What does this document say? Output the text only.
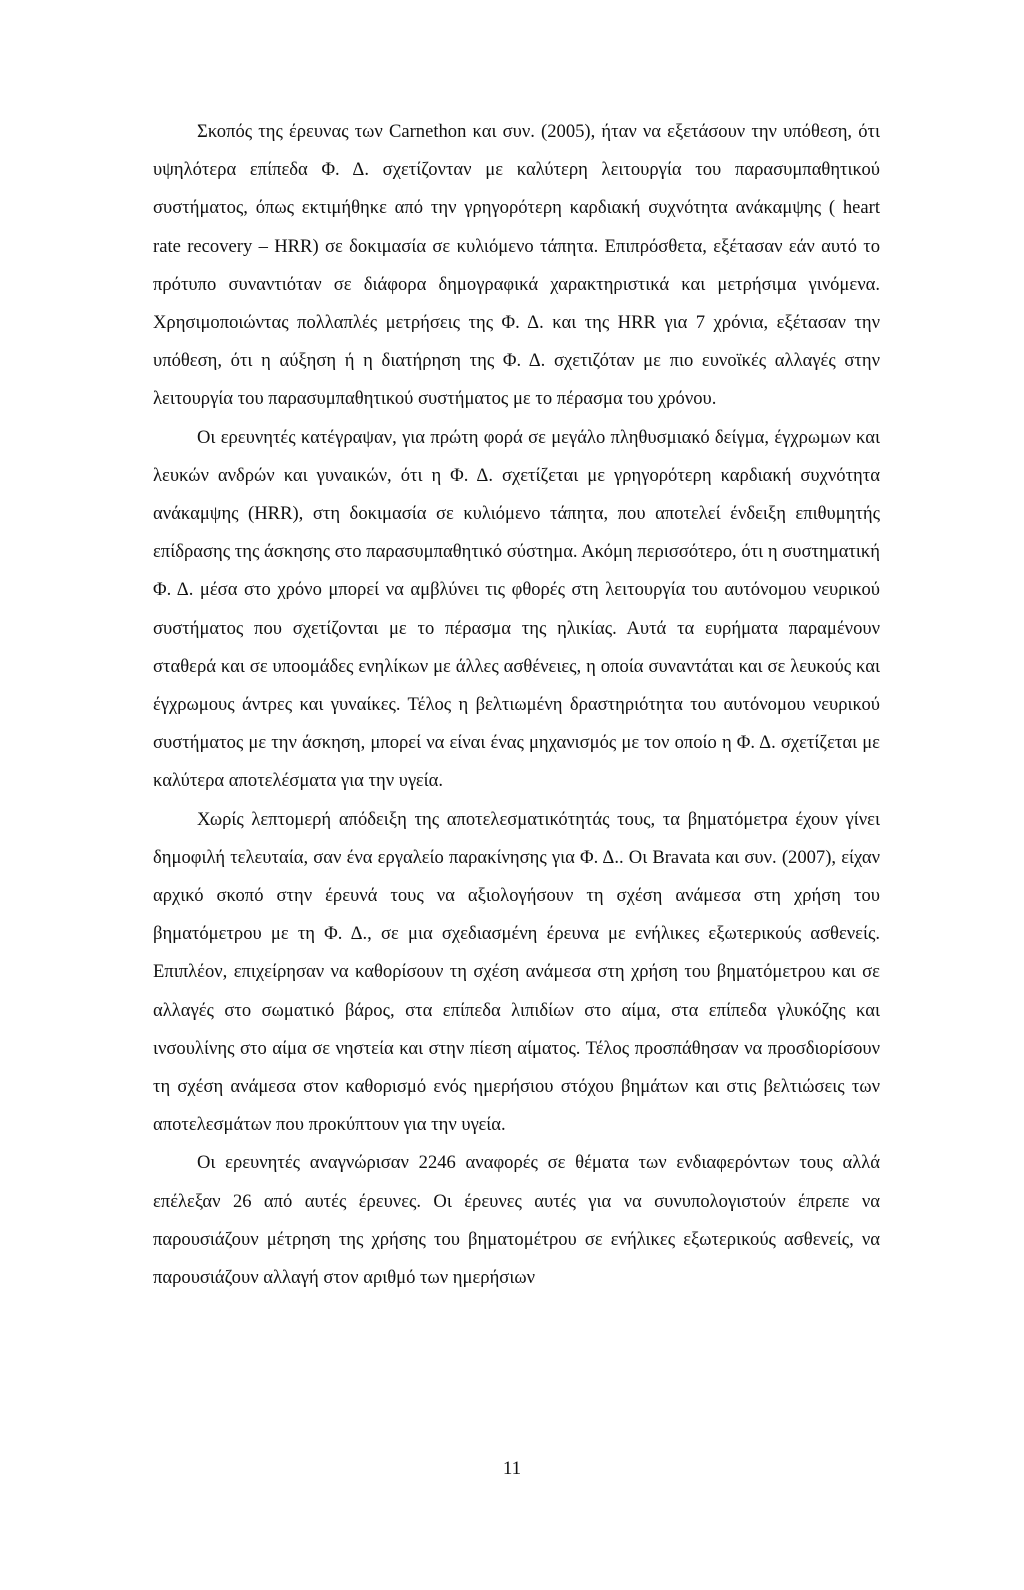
Σκοπός της έρευνας των Carnethon και συν. (2005), ήταν να εξετάσουν την υπόθεση, ότι υψηλότερα επίπεδα Φ. Δ. σχετίζονταν με καλύτερη λειτουργία του παρασυμπαθητικού συστήματος, όπως εκτιμήθηκε από την γρηγορότερη καρδιακή συχνότητα ανάκαμψης ( heart rate recovery – HRR) σε δοκιμασία σε κυλιόμενο τάπητα. Επιπρόσθετα, εξέτασαν εάν αυτό το πρότυπο συναντιόταν σε διάφορα δημογραφικά χαρακτηριστικά και μετρήσιμα γινόμενα. Χρησιμοποιώντας πολλαπλές μετρήσεις της Φ. Δ. και της HRR για 7 χρόνια, εξέτασαν την υπόθεση, ότι η αύξηση ή η διατήρηση της Φ. Δ. σχετιζόταν με πιο ευνοϊκές αλλαγές στην λειτουργία του παρασυμπαθητικού συστήματος με το πέρασμα του χρόνου.

Οι ερευνητές κατέγραψαν, για πρώτη φορά σε μεγάλο πληθυσμιακό δείγμα, έγχρωμων και λευκών ανδρών και γυναικών, ότι η Φ. Δ. σχετίζεται με γρηγορότερη καρδιακή συχνότητα ανάκαμψης (HRR), στη δοκιμασία σε κυλιόμενο τάπητα, που αποτελεί ένδειξη επιθυμητής επίδρασης της άσκησης στο παρασυμπαθητικό σύστημα. Ακόμη περισσότερο, ότι η συστηματική Φ. Δ. μέσα στο χρόνο μπορεί να αμβλύνει τις φθορές στη λειτουργία του αυτόνομου νευρικού συστήματος που σχετίζονται με το πέρασμα της ηλικίας. Αυτά τα ευρήματα παραμένουν σταθερά και σε υποομάδες ενηλίκων με άλλες ασθένειες, η οποία συναντάται και σε λευκούς και έγχρωμους άντρες και γυναίκες. Τέλος η βελτιωμένη δραστηριότητα του αυτόνομου νευρικού συστήματος με την άσκηση, μπορεί να είναι ένας μηχανισμός με τον οποίο η Φ. Δ. σχετίζεται με καλύτερα αποτελέσματα για την υγεία.

Χωρίς λεπτομερή απόδειξη της αποτελεσματικότητάς τους, τα βηματόμετρα έχουν γίνει δημοφιλή τελευταία, σαν ένα εργαλείο παρακίνησης για Φ. Δ.. Οι Bravata και συν. (2007), είχαν αρχικό σκοπό στην έρευνά τους να αξιολογήσουν τη σχέση ανάμεσα στη χρήση του βηματόμετρου με τη Φ. Δ., σε μια σχεδιασμένη έρευνα με ενήλικες εξωτερικούς ασθενείς. Επιπλέον, επιχείρησαν να καθορίσουν τη σχέση ανάμεσα στη χρήση του βηματόμετρου και σε αλλαγές στο σωματικό βάρος, στα επίπεδα λιπιδίων στο αίμα, στα επίπεδα γλυκόζης και ινσουλίνης στο αίμα σε νηστεία και στην πίεση αίματος. Τέλος προσπάθησαν να προσδιορίσουν τη σχέση ανάμεσα στον καθορισμό ενός ημερήσιου στόχου βημάτων και στις βελτιώσεις των αποτελεσμάτων που προκύπτουν για την υγεία.

Οι ερευνητές αναγνώρισαν 2246 αναφορές σε θέματα των ενδιαφερόντων τους αλλά επέλεξαν 26 από αυτές έρευνες. Οι έρευνες αυτές για να συνυπολογιστούν έπρεπε να παρουσιάζουν μέτρηση της χρήσης του βηματομέτρου σε ενήλικες εξωτερικούς ασθενείς, να παρουσιάζουν αλλαγή στον αριθμό των ημερήσιων

11
